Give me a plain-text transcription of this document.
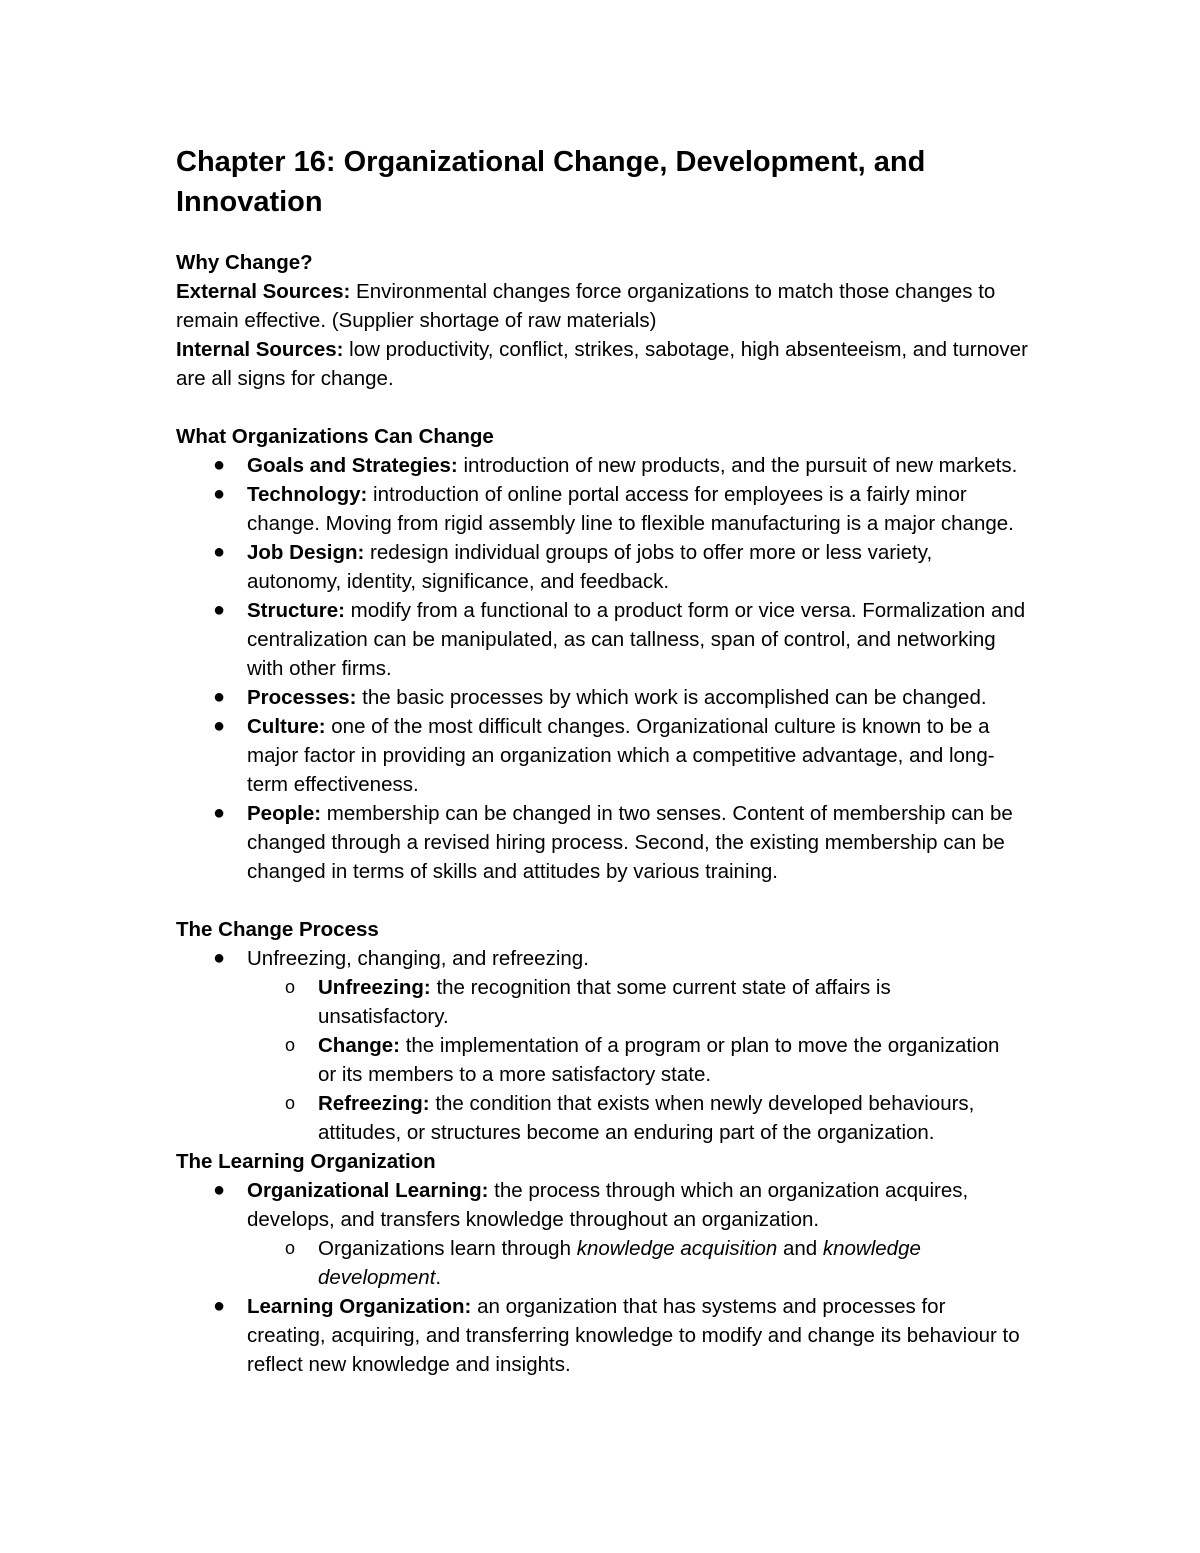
Chapter 16: Organizational Change, Development, and Innovation

Why Change?

External Sources: Environmental changes force organizations to match those changes to remain effective. (Supplier shortage of raw materials)

Internal Sources: low productivity, conflict, strikes, sabotage, high absenteeism, and turnover are all signs for change.

What Organizations Can Change

● Goals and Strategies: introduction of new products, and the pursuit of new markets.
● Technology: introduction of online portal access for employees is a fairly minor change. Moving from rigid assembly line to flexible manufacturing is a major change.
● Job Design: redesign individual groups of jobs to offer more or less variety, autonomy, identity, significance, and feedback.
● Structure: modify from a functional to a product form or vice versa. Formalization and centralization can be manipulated, as can tallness, span of control, and networking with other firms.
● Processes: the basic processes by which work is accomplished can be changed.
● Culture: one of the most difficult changes. Organizational culture is known to be a major factor in providing an organization which a competitive advantage, and long-term effectiveness.
● People: membership can be changed in two senses. Content of membership can be changed through a revised hiring process. Second, the existing membership can be changed in terms of skills and attitudes by various training.

The Change Process

● Unfreezing, changing, and refreezing.
o Unfreezing: the recognition that some current state of affairs is unsatisfactory.
o Change: the implementation of a program or plan to move the organization or its members to a more satisfactory state.
o Refreezing: the condition that exists when newly developed behaviours, attitudes, or structures become an enduring part of the organization.

The Learning Organization

● Organizational Learning: the process through which an organization acquires, develops, and transfers knowledge throughout an organization.
o Organizations learn through knowledge acquisition and knowledge development.
● Learning Organization: an organization that has systems and processes for creating, acquiring, and transferring knowledge to modify and change its behaviour to reflect new knowledge and insights.
